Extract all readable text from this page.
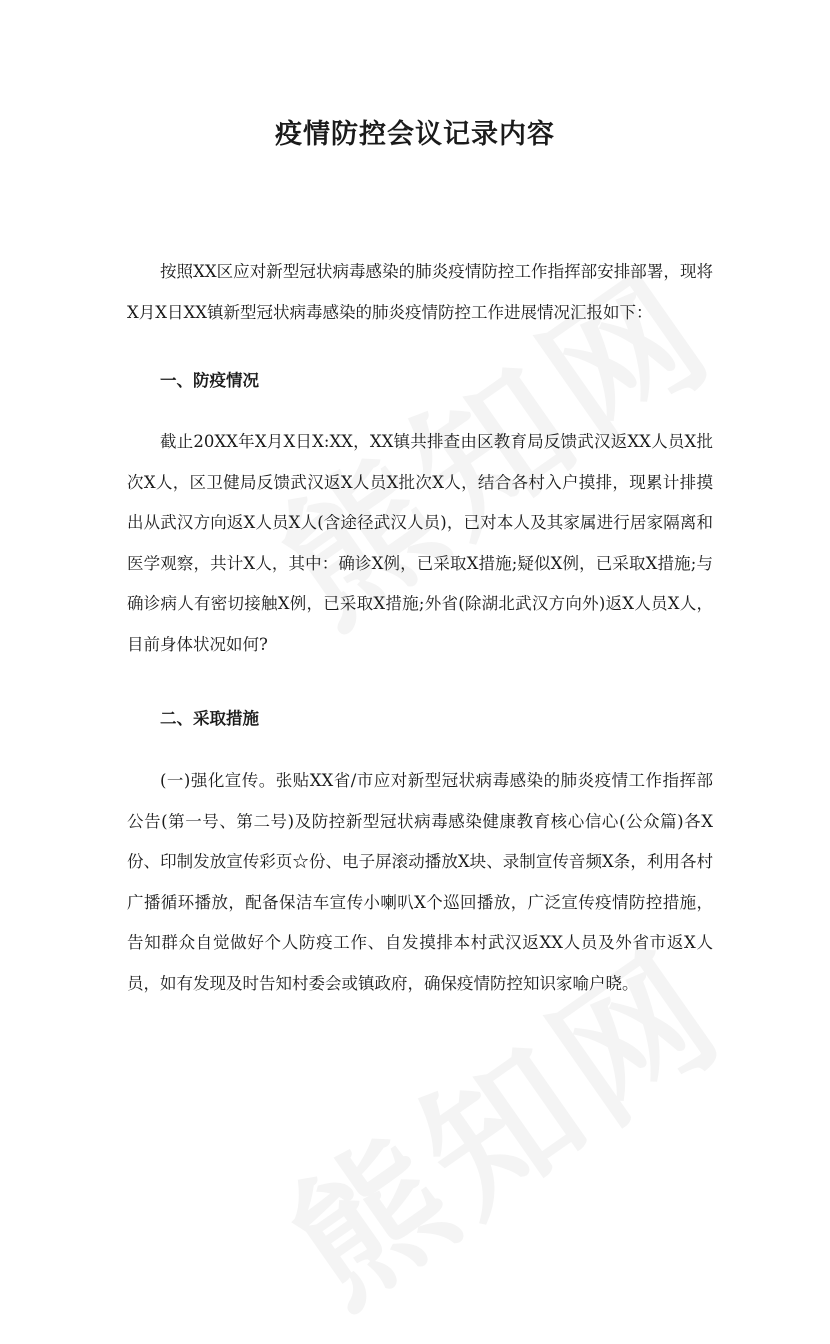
疫情防控会议记录内容

按照XX区应对新型冠状病毒感染的肺炎疫情防控工作指挥部安排部署，现将X月X日XX镇新型冠状病毒感染的肺炎疫情防控工作进展情况汇报如下：

一、防疫情况

截止20XX年X月X日X:XX，XX镇共排查由区教育局反馈武汉返XX人员X批次X人，区卫健局反馈武汉返X人员X批次X人，结合各村入户摸排，现累计排摸出从武汉方向返X人员X人(含途径武汉人员)，已对本人及其家属进行居家隔离和医学观察，共计X人，其中：确诊X例，已采取X措施;疑似X例，已采取X措施;与确诊病人有密切接触X例，已采取X措施;外省(除湖北武汉方向外)返X人员X人，目前身体状况如何?

二、采取措施

(一)强化宣传。张贴XX省/市应对新型冠状病毒感染的肺炎疫情工作指挥部公告(第一号、第二号)及防控新型冠状病毒感染健康教育核心信心(公众篇)各X份、印制发放宣传彩页☆份、电子屏滚动播放X块、录制宣传音频X条，利用各村广播循环播放，配备保洁车宣传小喇叭X个巡回播放，广泛宣传疫情防控措施，告知群众自觉做好个人防疫工作、自发摸排本村武汉返XX人员及外省市返X人员，如有发现及时告知村委会或镇政府，确保疫情防控知识家喻户晓。
